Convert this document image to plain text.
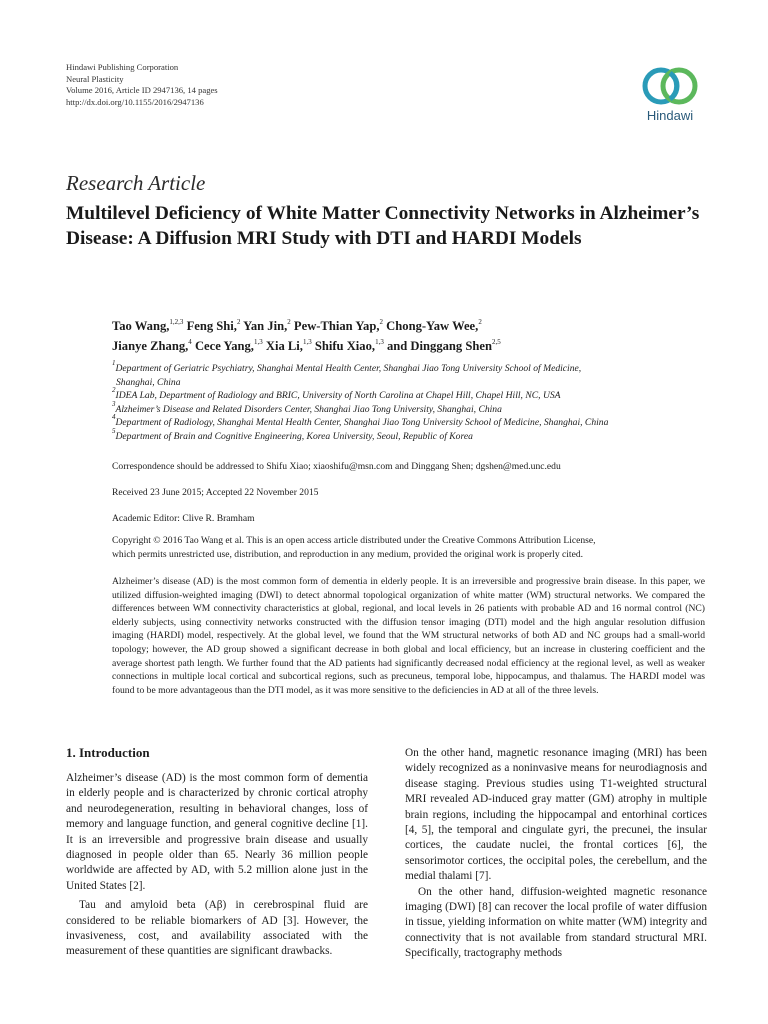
Hindawi Publishing Corporation
Neural Plasticity
Volume 2016, Article ID 2947136, 14 pages
http://dx.doi.org/10.1155/2016/2947136
Hindawi
Research Article
Multilevel Deficiency of White Matter Connectivity Networks in Alzheimer’s Disease: A Diffusion MRI Study with DTI and HARDI Models
Tao Wang,$^{1,2,3}$ Feng Shi,$^2$ Yan Jin,$^2$ Pew-Thian Yap,$^2$ Chong-Yaw Wee,$^2$
Jianye Zhang,$^4$ Cece Yang,$^{1,3}$ Xia Li,$^{1,3}$ Shifu Xiao,$^{1,3}$ and Dinggang Shen$^{2,5}$
$^1$Department of Geriatric Psychiatry, Shanghai Mental Health Center, Shanghai Jiao Tong University School of Medicine,
Shanghai, China
$^2$IDEA Lab, Department of Radiology and BRIC, University of North Carolina at Chapel Hill, Chapel Hill, NC, USA
$^3$Alzheimer’s Disease and Related Disorders Center, Shanghai Jiao Tong University, Shanghai, China
$^4$Department of Radiology, Shanghai Mental Health Center, Shanghai Jiao Tong University School of Medicine, Shanghai, China
$^5$Department of Brain and Cognitive Engineering, Korea University, Seoul, Republic of Korea
Correspondence should be addressed to Shifu Xiao; xiaoshifu@msn.com and Dinggang Shen; dgshen@med.unc.edu
Received 23 June 2015; Accepted 22 November 2015
Academic Editor: Clive R. Bramham
Copyright © 2016 Tao Wang et al. This is an open access article distributed under the Creative Commons Attribution License,
which permits unrestricted use, distribution, and reproduction in any medium, provided the original work is properly cited.
Alzheimer’s disease (AD) is the most common form of dementia in elderly people. It is an irreversible and progressive brain disease. In this paper, we utilized diffusion-weighted imaging (DWI) to detect abnormal topological organization of white matter (WM) structural networks. We compared the differences between WM connectivity characteristics at global, regional, and local levels in 26 patients with probable AD and 16 normal control (NC) elderly subjects, using connectivity networks constructed with the diffusion tensor imaging (DTI) model and the high angular resolution diffusion imaging (HARDI) model, respectively. At the global level, we found that the WM structural networks of both AD and NC groups had a small-world topology; however, the AD group showed a significant decrease in both global and local efficiency, but an increase in clustering coefficient and the average shortest path length. We further found that the AD patients had significantly decreased nodal efficiency at the regional level, as well as weaker connections in multiple local cortical and subcortical regions, such as precuneus, temporal lobe, hippocampus, and thalamus. The HARDI model was found to be more advantageous than the DTI model, as it was more sensitive to the deficiencies in AD at all of the three levels.
1. Introduction

Alzheimer’s disease (AD) is the most common form of dementia in elderly people and is characterized by chronic cortical atrophy and neurodegeneration, resulting in behavioral changes, loss of memory and language function, and general cognitive decline [1]. It is an irreversible and progressive brain disease and usually diagnosed in people older than 65. Nearly 36 million people worldwide are affected by AD, with 5.2 million alone just in the United States [2].

Tau and amyloid beta (Aβ) in cerebrospinal fluid are considered to be reliable biomarkers of AD [3]. However, the invasiveness, cost, and availability associated with the measurement of these quantities are significant drawbacks.

On the other hand, magnetic resonance imaging (MRI) has been widely recognized as a noninvasive means for neurodiagnosis and disease staging. Previous studies using T1-weighted structural MRI revealed AD-induced gray matter (GM) atrophy in multiple brain regions, including the hippocampal and entorhinal cortices [4, 5], the temporal and cingulate gyri, the precunei, the insular cortices, the caudate nuclei, the frontal cortices [6], the sensorimotor cortices, the occipital poles, the cerebellum, and the medial thalami [7].

On the other hand, diffusion-weighted magnetic resonance imaging (DWI) [8] can recover the local profile of water diffusion in tissue, yielding information on white matter (WM) integrity and connectivity that is not available from standard structural MRI. Specifically, tractography methods
